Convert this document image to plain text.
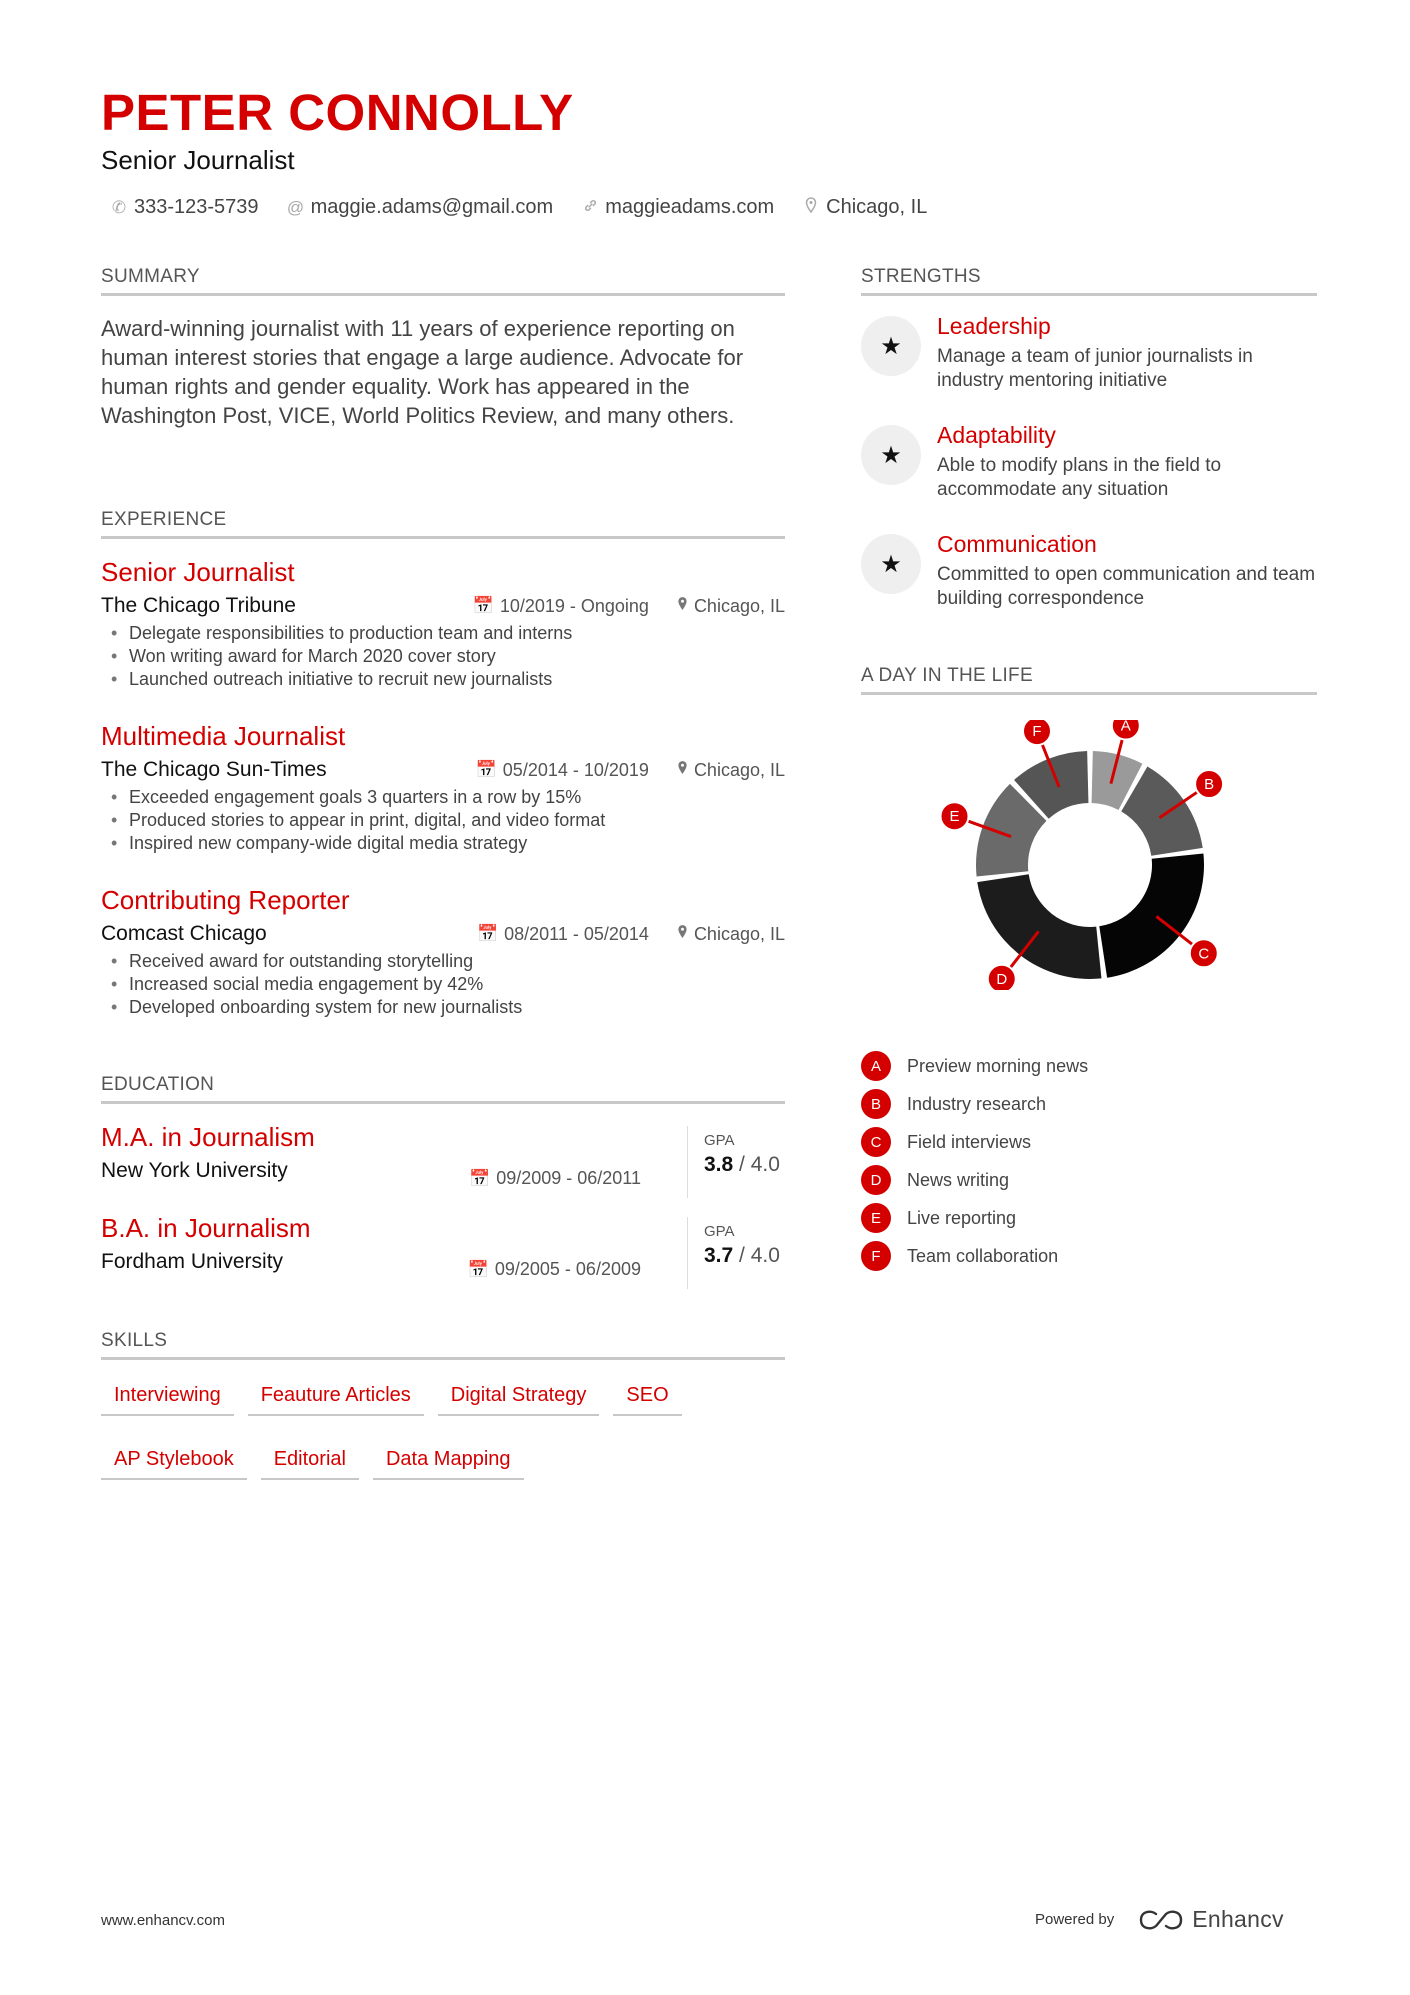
PETER CONNOLLY
Senior Journalist
✆ 333-123-5739 @ maggie.adams@gmail.com	maggieadams.com	Chicago, IL
SUMMARY
Award-winning journalist with 11 years of experience reporting on human interest stories that engage a large audience. Advocate for human rights and gender equality. Work has appeared in the Washington Post, VICE, World Politics Review, and many others.
EXPERIENCE
Senior Journalist
The Chicago Tribune	📅 10/2019 - Ongoing	Chicago, IL
• Delegate responsibilities to production team and interns
• Won writing award for March 2020 cover story
• Launched outreach initiative to recruit new journalists
Multimedia Journalist
The Chicago Sun-Times	📅 05/2014 - 10/2019	Chicago, IL
• Exceeded engagement goals 3 quarters in a row by 15%
• Produced stories to appear in print, digital, and video format
• Inspired new company-wide digital media strategy
Contributing Reporter
Comcast Chicago	📅 08/2011 - 05/2014	Chicago, IL
• Received award for outstanding storytelling
• Increased social media engagement by 42%
• Developed onboarding system for new journalists
EDUCATION
M.A. in Journalism
New York University	📅 09/2009 - 06/2011
GPA
3.8 / 4.0
B.A. in Journalism
Fordham University	📅 09/2005 - 06/2009
GPA
3.7 / 4.0
SKILLS
Interviewing	Feauture Articles	Digital Strategy	SEO
AP Stylebook	Editorial	Data Mapping
STRENGTHS
★
Leadership
Manage a team of junior journalists in industry mentoring initiative
★
Adaptability
Able to modify plans in the field to accommodate any situation
★
Communication
Committed to open communication and team building correspondence
A DAY IN THE LIFE
A
B
C
D
E
F
A	Preview morning news
B	Industry research
C	Field interviews
D	News writing
E	Live reporting
F	Team collaboration
www.enhancv.com	Powered by	Enhancv
